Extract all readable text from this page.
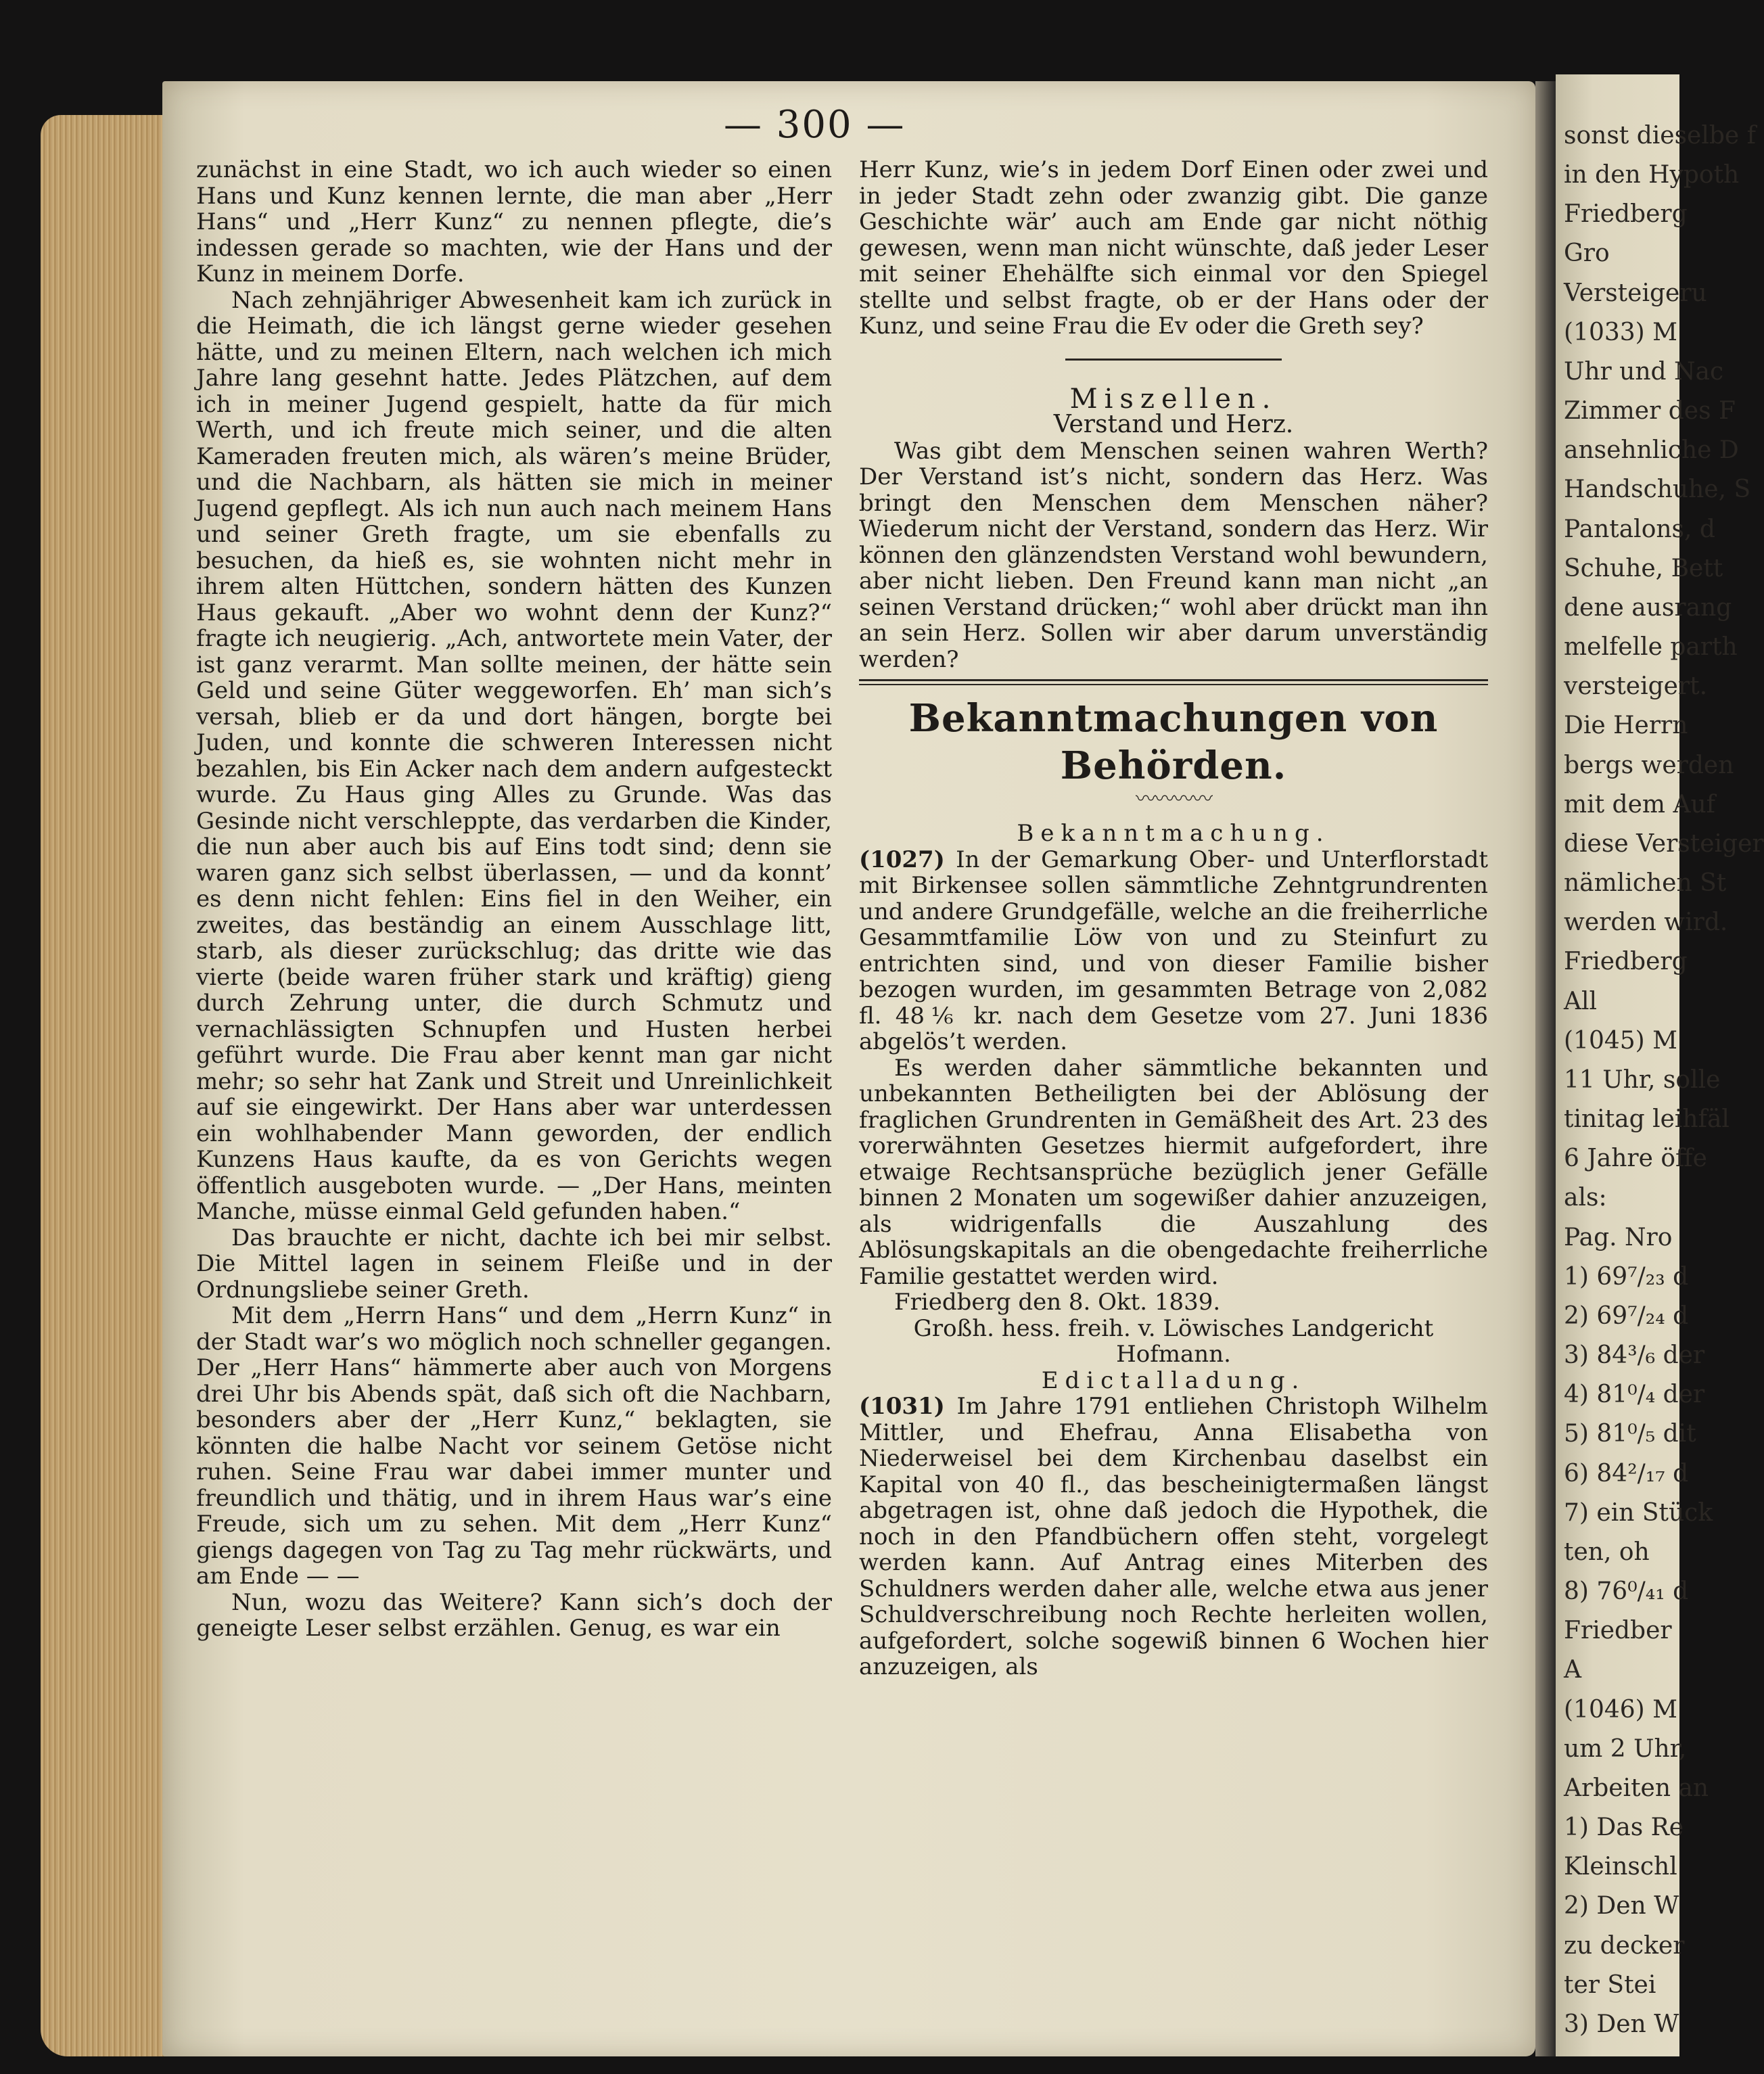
sonst dieselbe f
in den Hypoth
Friedberg
Gro
Versteigeru
(1033) M
Uhr und Nac
Zimmer des F
ansehnliche D
Handschuhe, S
Pantalons, d
Schuhe, Bett
dene ausrang
melfelle parth
versteigert.
Die Herrn
bergs werden
mit dem Auf
diese Versteiger
nämlichen St
werden wird.
Friedberg
All
(1045) M
11 Uhr, solle
tinitag leihfäl
6 Jahre öffe
als:
Pag. Nro
1) 69⁷/₂₃ d
2) 69⁷/₂₄ d
3) 84³/₆ der
4) 81⁰/₄ der
5) 81⁰/₅ dit
6) 84²/₁₇ d
7) ein Stück
ten, oh
8) 76⁰/₄₁ d
Friedber
A
(1046) M
um 2 Uhr,
Arbeiten an
1) Das Re
Kleinschl
2) Den W
zu decker
ter Stei
3) Den W
— 300 —

zunächst in eine Stadt, wo ich auch wieder so einen Hans und Kunz kennen lernte, die man aber „Herr Hans“ und „Herr Kunz“ zu nennen pflegte, die’s indessen gerade so machten, wie der Hans und der Kunz in meinem Dorfe.

Nach zehnjähriger Abwesenheit kam ich zurück in die Heimath, die ich längst gerne wieder gesehen hätte, und zu meinen Eltern, nach welchen ich mich Jahre lang gesehnt hatte. Jedes Plätzchen, auf dem ich in meiner Jugend gespielt, hatte da für mich Werth, und ich freute mich seiner, und die alten Kameraden freuten mich, als wären’s meine Brüder, und die Nachbarn, als hätten sie mich in meiner Jugend gepflegt. Als ich nun auch nach meinem Hans und seiner Greth fragte, um sie ebenfalls zu besuchen, da hieß es, sie wohnten nicht mehr in ihrem alten Hüttchen, sondern hätten des Kunzen Haus gekauft. „Aber wo wohnt denn der Kunz?“ fragte ich neugierig. „Ach, antwortete mein Vater, der ist ganz verarmt. Man sollte meinen, der hätte sein Geld und seine Güter weggeworfen. Eh’ man sich’s versah, blieb er da und dort hängen, borgte bei Juden, und konnte die schweren Interessen nicht bezahlen, bis Ein Acker nach dem andern aufgesteckt wurde. Zu Haus ging Alles zu Grunde. Was das Gesinde nicht verschleppte, das verdarben die Kinder, die nun aber auch bis auf Eins todt sind; denn sie waren ganz sich selbst überlassen, — und da konnt’ es denn nicht fehlen: Eins fiel in den Weiher, ein zweites, das beständig an einem Ausschlage litt, starb, als dieser zurückschlug; das dritte wie das vierte (beide waren früher stark und kräftig) gieng durch Zehrung unter, die durch Schmutz und vernachlässigten Schnupfen und Husten herbei geführt wurde. Die Frau aber kennt man gar nicht mehr; so sehr hat Zank und Streit und Unreinlichkeit auf sie eingewirkt. Der Hans aber war unterdessen ein wohlhabender Mann geworden, der endlich Kunzens Haus kaufte, da es von Gerichts wegen öffentlich ausgeboten wurde. — „Der Hans, meinten Manche, müsse einmal Geld gefunden haben.“

Das brauchte er nicht, dachte ich bei mir selbst. Die Mittel lagen in seinem Fleiße und in der Ordnungsliebe seiner Greth.

Mit dem „Herrn Hans“ und dem „Herrn Kunz“ in der Stadt war’s wo möglich noch schneller gegangen. Der „Herr Hans“ hämmerte aber auch von Morgens drei Uhr bis Abends spät, daß sich oft die Nachbarn, besonders aber der „Herr Kunz,“ beklagten, sie könnten die halbe Nacht vor seinem Getöse nicht ruhen. Seine Frau war dabei immer munter und freundlich und thätig, und in ihrem Haus war’s eine Freude, sich um zu sehen. Mit dem „Herr Kunz“ giengs dagegen von Tag zu Tag mehr rückwärts, und am Ende — —

Nun, wozu das Weitere? Kann sich’s doch der geneigte Leser selbst erzählen. Genug, es war ein

Herr Kunz, wie’s in jedem Dorf Einen oder zwei und in jeder Stadt zehn oder zwanzig gibt. Die ganze Geschichte wär’ auch am Ende gar nicht nöthig gewesen, wenn man nicht wünschte, daß jeder Leser mit seiner Ehehälfte sich einmal vor den Spiegel stellte und selbst fragte, ob er der Hans oder der Kunz, und seine Frau die Ev oder die Greth sey?

Miszellen.

Verstand und Herz.

Was gibt dem Menschen seinen wahren Werth? Der Verstand ist’s nicht, sondern das Herz. Was bringt den Menschen dem Menschen näher? Wiederum nicht der Verstand, sondern das Herz. Wir können den glänzendsten Verstand wohl bewundern, aber nicht lieben. Den Freund kann man nicht „an seinen Verstand drücken;“ wohl aber drückt man ihn an sein Herz. Sollen wir aber darum unverständig werden?

Bekanntmachungen von Behörden.

〰〰〰〰

Bekanntmachung.

(1027) In der Gemarkung Ober- und Unterflorstadt mit Birkensee sollen sämmtliche Zehntgrundrenten und andere Grundgefälle, welche an die freiherrliche Gesammtfamilie Löw von und zu Steinfurt zu entrichten sind, und von dieser Familie bisher bezogen wurden, im gesammten Betrage von 2,082 fl. 48⅙ kr. nach dem Gesetze vom 27. Juni 1836 abgelös’t werden.

Es werden daher sämmtliche bekannten und unbekannten Betheiligten bei der Ablösung der fraglichen Grundrenten in Gemäßheit des Art. 23 des vorerwähnten Gesetzes hiermit aufgefordert, ihre etwaige Rechtsansprüche bezüglich jener Gefälle binnen 2 Monaten um sogewißer dahier anzuzeigen, als widrigenfalls die Auszahlung des Ablösungskapitals an die obengedachte freiherrliche Familie gestattet werden wird.

Friedberg den 8. Okt. 1839.

Großh. hess. freih. v. Löwisches Landgericht

Hofmann.

Edictalladung.

(1031) Im Jahre 1791 entliehen Christoph Wilhelm Mittler, und Ehefrau, Anna Elisabetha von Niederweisel bei dem Kirchenbau daselbst ein Kapital von 40 fl., das bescheinigtermaßen längst abgetragen ist, ohne daß jedoch die Hypothek, die noch in den Pfandbüchern offen steht, vorgelegt werden kann. Auf Antrag eines Miterben des Schuldners werden daher alle, welche etwa aus jener Schuldverschreibung noch Rechte herleiten wollen, aufgefordert, solche sogewiß binnen 6 Wochen hier anzuzeigen, als
